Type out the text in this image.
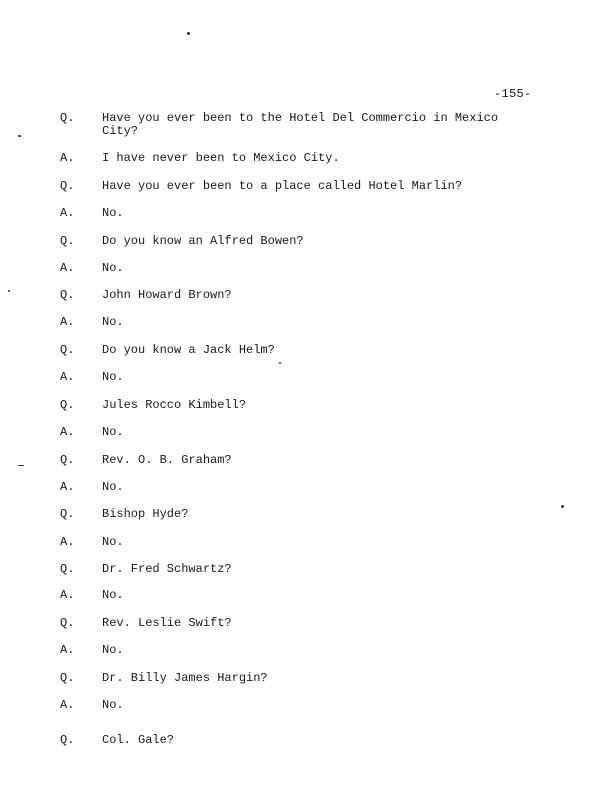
-155-
Q.	Have you ever been to the Hotel Del Commercio in Mexico
City?
A.	I have never been to Mexico City.
Q.	Have you ever been to a place called Hotel Marlin?
A.	No.
Q.	Do you know an Alfred Bowen?
A.	No.
Q.	John Howard Brown?
A.	No.
Q.	Do you know a Jack Helm?
A.	No.
Q.	Jules Rocco Kimbell?
A.	No.
Q.	Rev. O. B. Graham?
A.	No.
Q.	Bishop Hyde?
A.	No.
Q.	Dr. Fred Schwartz?
A.	No.
Q.	Rev. Leslie Swift?
A.	No.
Q.	Dr. Billy James Hargin?
A.	No.
Q.	Col. Gale?
